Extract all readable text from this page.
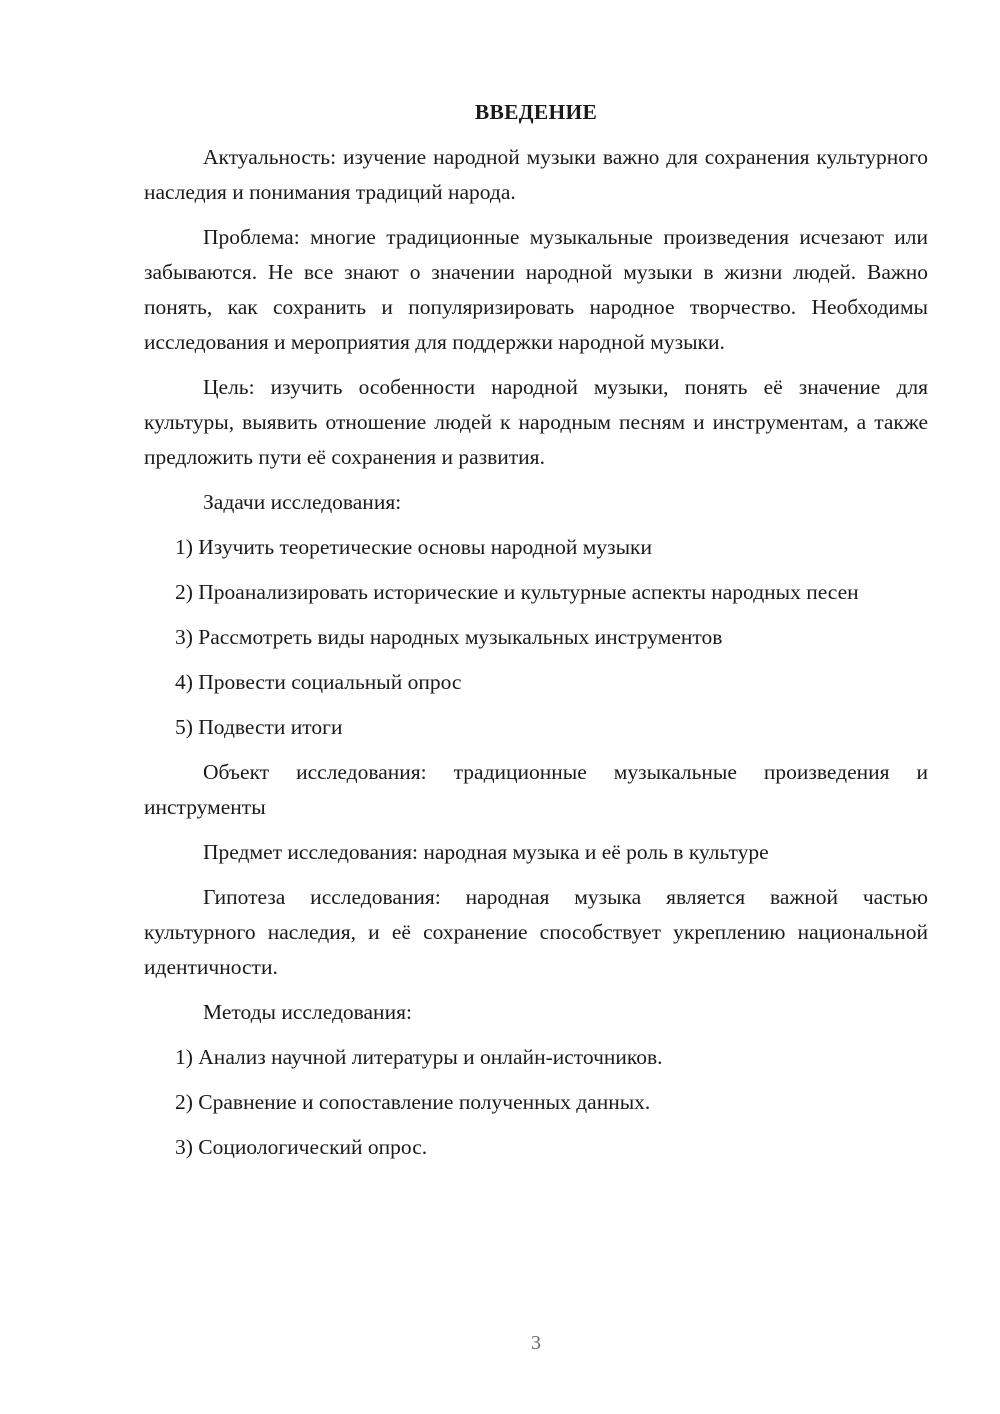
ВВЕДЕНИЕ

Актуальность: изучение народной музыки важно для сохранения культурного наследия и понимания традиций народа.

Проблема: многие традиционные музыкальные произведения исчезают или забываются. Не все знают о значении народной музыки в жизни людей. Важно понять, как сохранить и популяризировать народное творчество. Необходимы исследования и мероприятия для поддержки народной музыки.

Цель: изучить особенности народной музыки, понять её значение для культуры, выявить отношение людей к народным песням и инструментам, а также предложить пути её сохранения и развития.

Задачи исследования:

1) Изучить теоретические основы народной музыки

2) Проанализировать исторические и культурные аспекты народных песен

3) Рассмотреть виды народных музыкальных инструментов

4) Провести социальный опрос

5) Подвести итоги

Объект исследования: традиционные музыкальные произведения и инструменты

Предмет исследования: народная музыка и её роль в культуре

Гипотеза исследования: народная музыка является важной частью культурного наследия, и её сохранение способствует укреплению национальной идентичности.

Методы исследования:

1) Анализ научной литературы и онлайн-источников.

2) Сравнение и сопоставление полученных данных.

3) Социологический опрос.

3
